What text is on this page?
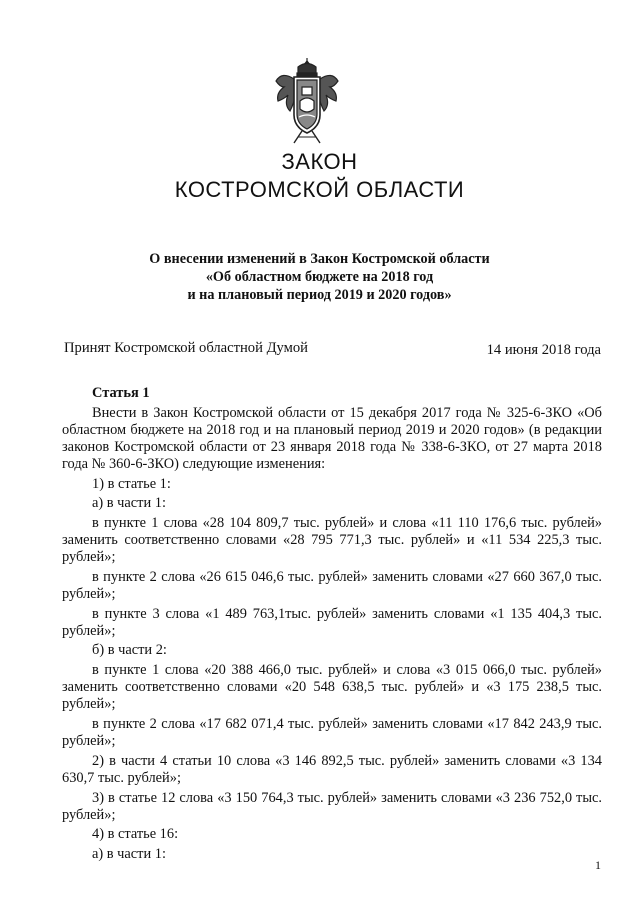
ЗАКОН
КОСТРОМСКОЙ ОБЛАСТИ
О внесении изменений в Закон Костромской области
«Об областном бюджете на 2018 год
и на плановый период 2019 и 2020 годов»
Принят Костромской областной Думой	14 июня 2018 года

Статья 1

Внести в Закон Костромской области от 15 декабря 2017 года № 325-6-ЗКО «Об областном бюджете на 2018 год и на плановый период 2019 и 2020 годов» (в редакции законов Костромской области от 23 января 2018 года № 338-6-ЗКО, от 27 марта 2018 года № 360-6-ЗКО) следующие изменения:

1) в статье 1:

а) в части 1:

в пункте 1 слова «28 104 809,7 тыс. рублей» и слова «11 110 176,6 тыс. рублей» заменить соответственно словами «28 795 771,3 тыс. рублей» и «11 534 225,3 тыс. рублей»;

в пункте 2 слова «26 615 046,6 тыс. рублей» заменить словами «27 660 367,0 тыс. рублей»;

в пункте 3 слова «1 489 763,1тыс. рублей» заменить словами «1 135 404,3 тыс. рублей»;

б) в части 2:

в пункте 1 слова «20 388 466,0 тыс. рублей» и слова «3 015 066,0 тыс. рублей» заменить соответственно словами «20 548 638,5 тыс. рублей» и «3 175 238,5 тыс. рублей»;

в пункте 2 слова «17 682 071,4 тыс. рублей» заменить словами «17 842 243,9 тыс. рублей»;

2) в части 4 статьи 10 слова «3 146 892,5 тыс. рублей» заменить словами «3 134 630,7 тыс. рублей»;

3) в статье 12 слова «3 150 764,3 тыс. рублей» заменить словами «3 236 752,0 тыс. рублей»;

4) в статье 16:

а) в части 1:

1
